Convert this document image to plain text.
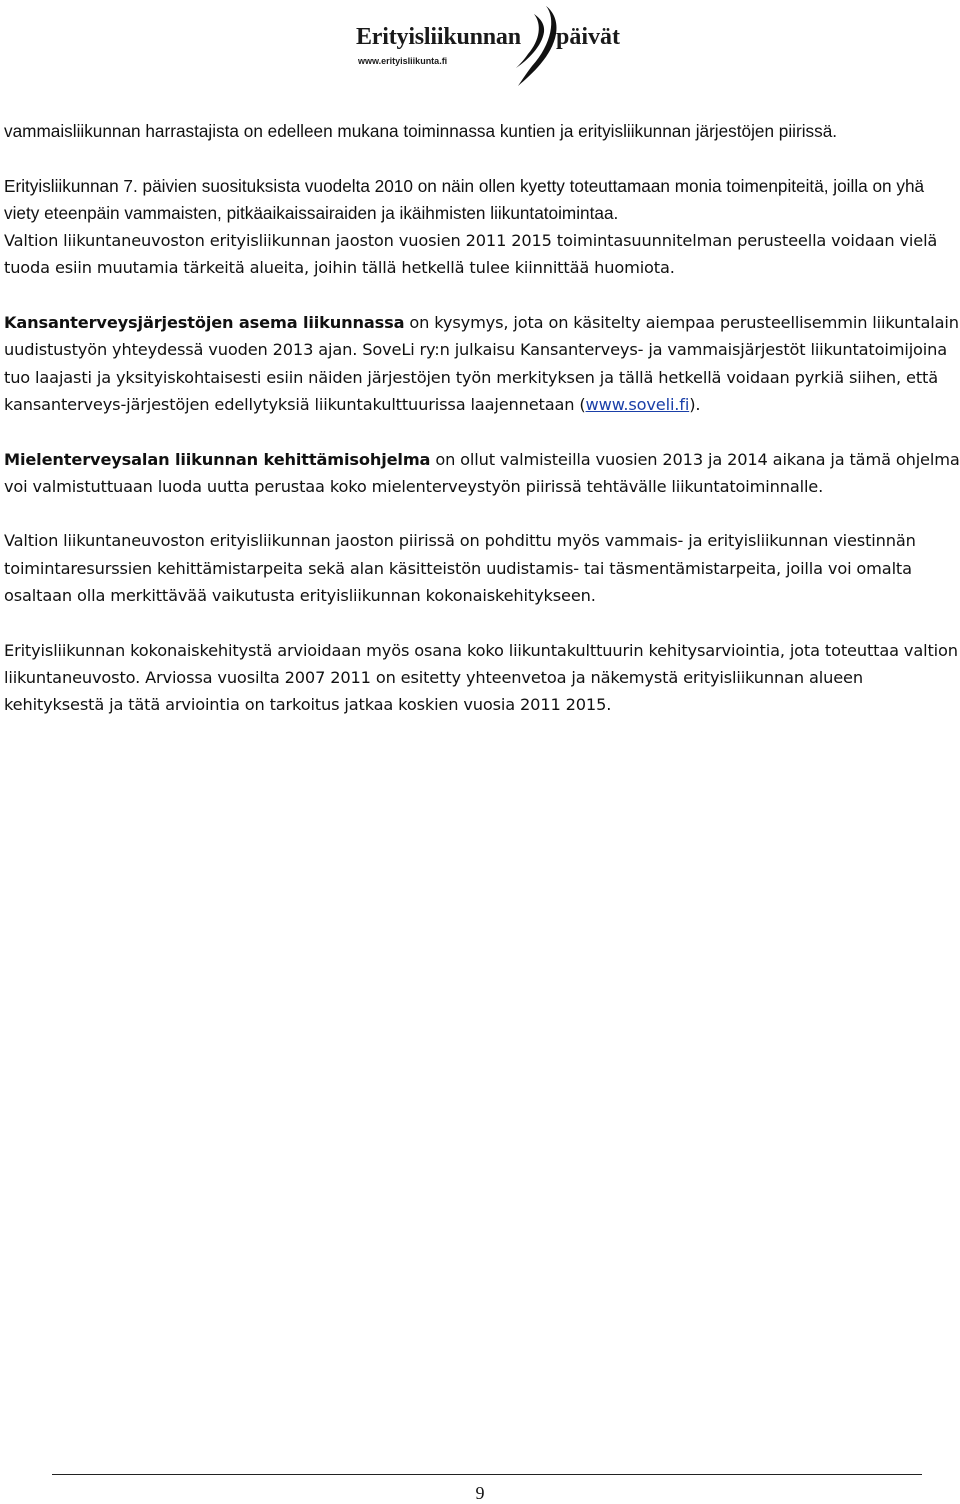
Erityisliikunnan päivät
www.erityisliikunta.fi

vammaisliikunnan harrastajista on edelleen mukana toiminnassa kuntien ja erityisliikunnan järjestöjen piirissä.

Erityisliikunnan 7. päivien suosituksista vuodelta 2010 on näin ollen kyetty toteuttamaan monia toimenpiteitä, joilla on yhä viety eteenpäin vammaisten, pitkäaikaissairaiden ja ikäihmisten liikuntatoimintaa.

Valtion liikuntaneuvoston erityisliikunnan jaoston vuosien 2011 2015 toimintasuunnitelman perusteella voidaan vielä tuoda esiin muutamia tärkeitä alueita, joihin tällä hetkellä tulee kiinnittää huomiota.

Kansanterveysjärjestöjen asema liikunnassa on kysymys, jota on käsitelty aiempaa perusteellisemmin liikuntalain uudistustyön yhteydessä vuoden 2013 ajan. SoveLi ry:n julkaisu Kansanterveys- ja vammaisjärjestöt liikuntatoimijoina tuo laajasti ja yksityiskohtaisesti esiin näiden järjestöjen työn merkityksen ja tällä hetkellä voidaan pyrkiä siihen, että kansanterveys-järjestöjen edellytyksiä liikuntakulttuurissa laajennetaan (www.soveli.fi).

Mielenterveysalan liikunnan kehittämisohjelma on ollut valmisteilla vuosien 2013 ja 2014 aikana ja tämä ohjelma voi valmistuttuaan luoda uutta perustaa koko mielenterveystyön piirissä tehtävälle liikuntatoiminnalle.

Valtion liikuntaneuvoston erityisliikunnan jaoston piirissä on pohdittu myös vammais- ja erityisliikunnan viestinnän toimintaresurssien kehittämistarpeita sekä alan käsitteistön uudistamis- tai täsmentämistarpeita, joilla voi omalta osaltaan olla merkittävää vaikutusta erityisliikunnan kokonaiskehitykseen.

Erityisliikunnan kokonaiskehitystä arvioidaan myös osana koko liikuntakulttuurin kehitysarviointia, jota toteuttaa valtion liikuntaneuvosto. Arviossa vuosilta 2007 2011 on esitetty yhteenvetoa ja näkemystä erityisliikunnan alueen kehityksestä ja tätä arviointia on tarkoitus jatkaa koskien vuosia 2011 2015.

9
